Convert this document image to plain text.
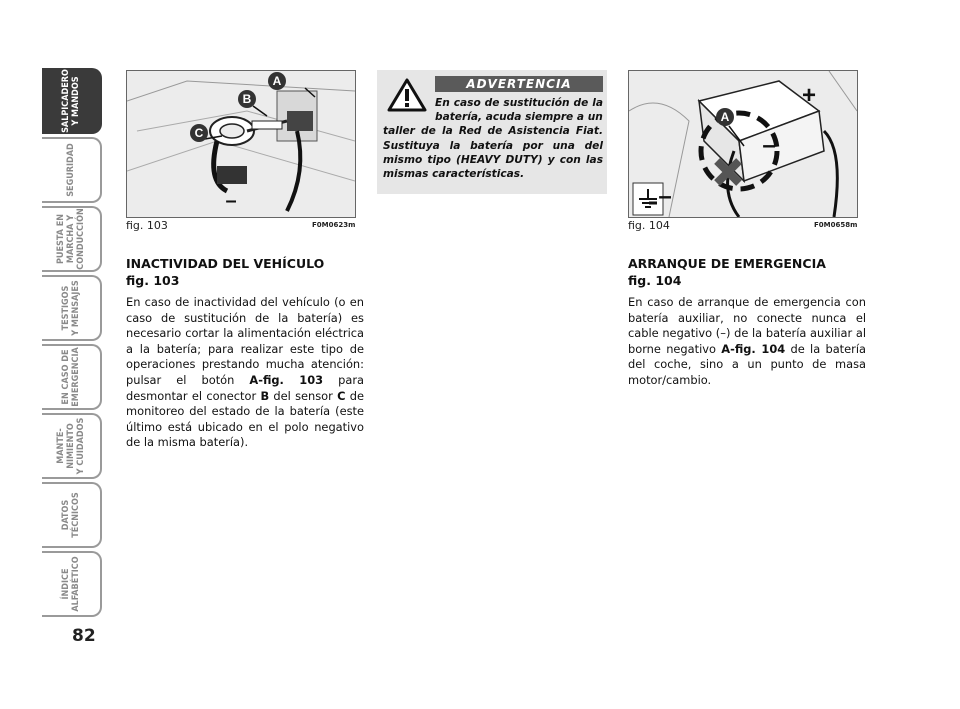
SALPICADERO
Y MANDOS
SEGURIDAD
PUESTA EN
MARCHA Y
CONDUCCIÓN
TESTIGOS
Y MENSAJES
EN CASO DE
EMERGENCIA
MANTE-
NIMIENTO
Y CUIDADOS
DATOS
TÉCNICOS
ÍNDICE
ALFABÉTICO
82
A
B
C
–
fig. 103	F0M0623m
ADVERTENCIA
En caso de sustitución de la batería, acuda siempre a un
taller de la Red de Asistencia Fiat. Sustituya la batería por una del mismo tipo (HEAVY DUTY) y con las mismas características.
INACTIVIDAD DEL VEHÍCULO
fig. 103

En caso de inactividad del vehículo (o en caso de sustitución de la batería) es necesario cortar la alimentación eléctrica a la batería; para realizar este tipo de operaciones prestando mucha atención: pulsar el botón A-fig. 103 para desmontar el conector B del sensor C de monitoreo del estado de la batería (este último está ubicado en el polo negativo de la misma batería).

A
+
–
–
fig. 104	F0M0658m
ARRANQUE DE EMERGENCIA
fig. 104

En caso de arranque de emergencia con batería auxiliar, no conecte nunca el cable negativo (–) de la batería auxiliar al borne negativo A-fig. 104 de la batería del coche, sino a un punto de masa motor/cambio.
